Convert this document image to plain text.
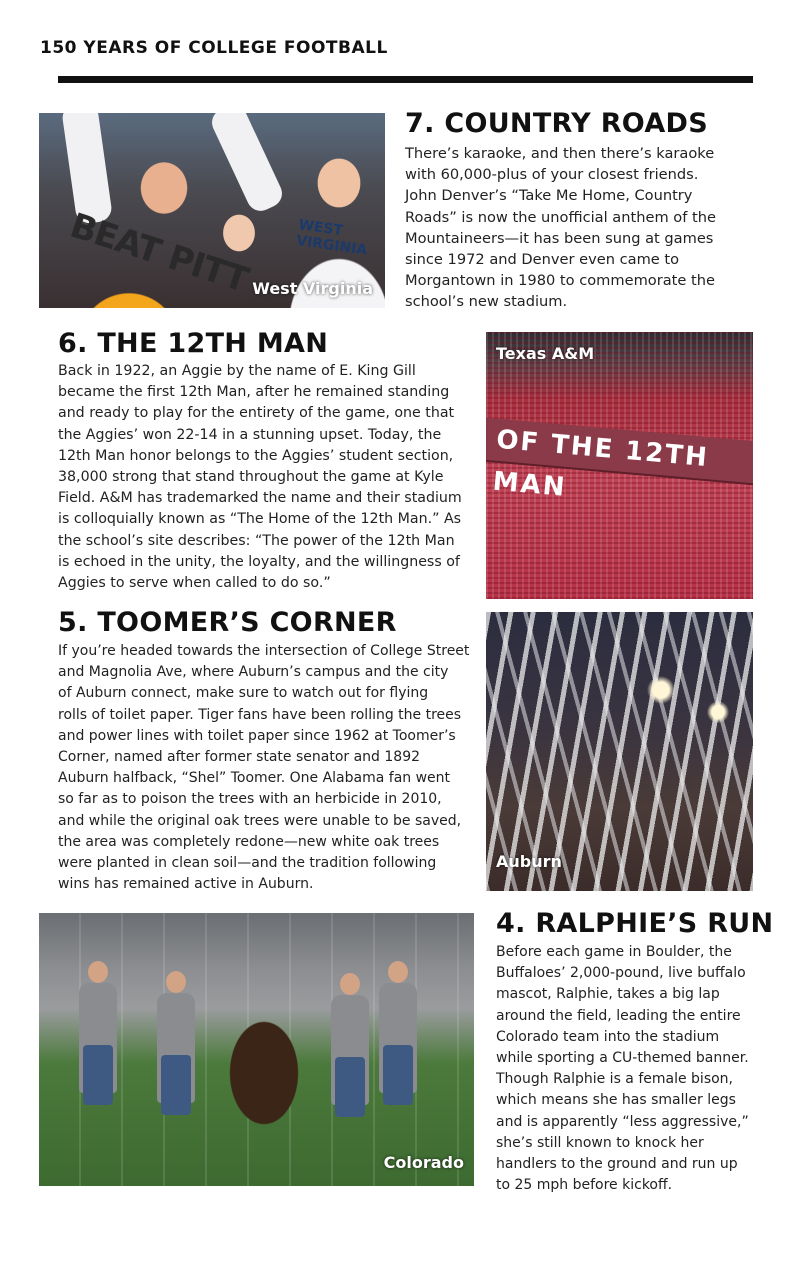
150 YEARS OF COLLEGE FOOTBALL
BEAT PITT	WEST VIRGINIA
West Virginia
7. COUNTRY ROADS
There’s karaoke, and then there’s karaoke
with 60,000-plus of your closest friends.
John Denver’s “Take Me Home, Country
Roads” is now the unofficial anthem of the
Mountaineers—it has been sung at games
since 1972 and Denver even came to
Morgantown in 1980 to commemorate the
school’s new stadium.
6. THE 12TH MAN
Back in 1922, an Aggie by the name of E. King Gill
became the first 12th Man, after he remained standing
and ready to play for the entirety of the game, one that
the Aggies’ won 22-14 in a stunning upset. Today, the
12th Man honor belongs to the Aggies’ student section,
38,000 strong that stand throughout the game at Kyle
Field. A&M has trademarked the name and their stadium
is colloquially known as “The Home of the 12th Man.” As
the school’s site describes: “The power of the 12th Man
is echoed in the unity, the loyalty, and the willingness of
Aggies to serve when called to do so.”
OF THE 12TH MAN
Texas A&M
5. TOOMER’S CORNER
If you’re headed towards the intersection of College Street
and Magnolia Ave, where Auburn’s campus and the city
of Auburn connect, make sure to watch out for flying
rolls of toilet paper. Tiger fans have been rolling the trees
and power lines with toilet paper since 1962 at Toomer’s
Corner, named after former state senator and 1892
Auburn halfback, “Shel” Toomer. One Alabama fan went
so far as to poison the trees with an herbicide in 2010,
and while the original oak trees were unable to be saved,
the area was completely redone—new white oak trees
were planted in clean soil—and the tradition following
wins has remained active in Auburn.
Auburn
Colorado
4. RALPHIE’S RUN
Before each game in Boulder, the
Buffaloes’ 2,000-pound, live buffalo
mascot, Ralphie, takes a big lap
around the field, leading the entire
Colorado team into the stadium
while sporting a CU-themed banner.
Though Ralphie is a female bison,
which means she has smaller legs
and is apparently “less aggressive,”
she’s still known to knock her
handlers to the ground and run up
to 25 mph before kickoff.
